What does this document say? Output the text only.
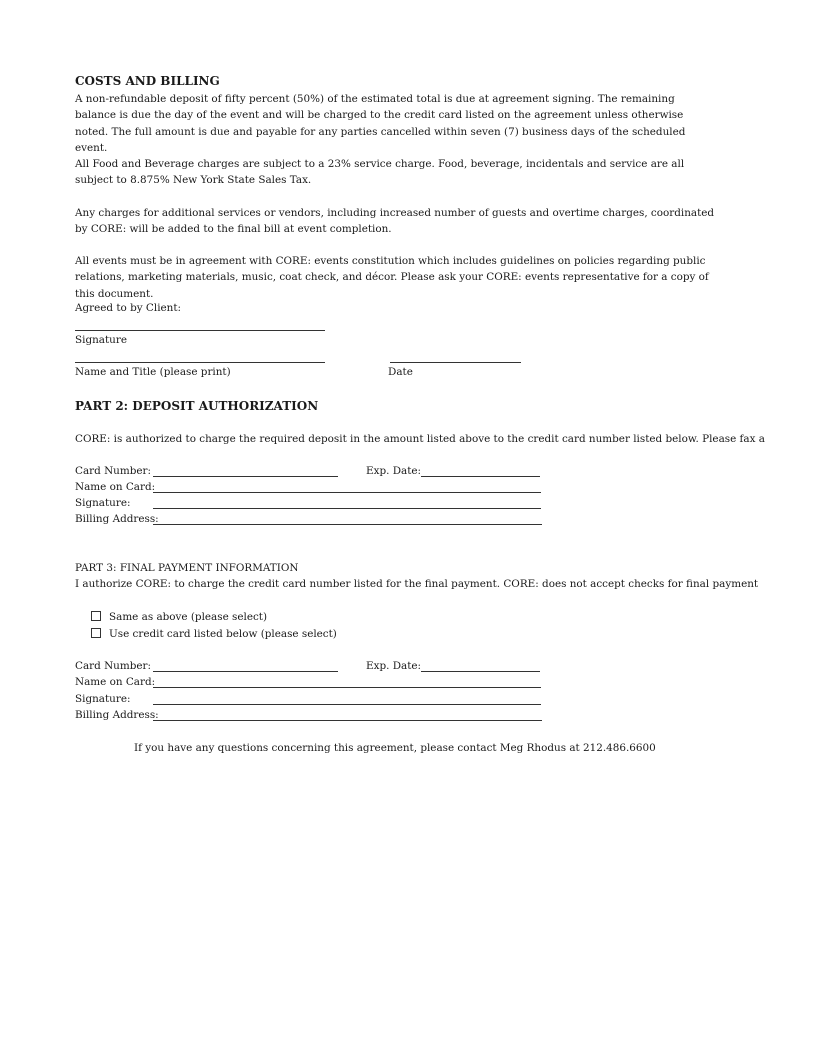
COSTS AND BILLING
A non-refundable deposit of fifty percent (50%) of the estimated total is due at agreement signing. The remaining balance is due the day of the event and will be charged to the credit card listed on the agreement unless otherwise noted. The full amount is due and payable for any parties cancelled within seven (7) business days of the scheduled event.
All Food and Beverage charges are subject to a 23% service charge. Food, beverage, incidentals and service are all subject to 8.875% New York State Sales Tax.
Any charges for additional services or vendors, including increased number of guests and overtime charges, coordinated by CORE: will be added to the final bill at event completion.
All events must be in agreement with CORE: events constitution which includes guidelines on policies regarding public relations, marketing materials, music, coat check, and décor. Please ask your CORE: events representative for a copy of this document.
Agreed to by Client:
Signature
Name and Title (please print)	Date
PART 2: DEPOSIT AUTHORIZATION
CORE: is authorized to charge the required deposit in the amount listed above to the credit card number listed below. Please fax a
Card Number:	Exp. Date:
Name on Card:
Signature:
Billing Address:
PART 3: FINAL PAYMENT INFORMATION
I authorize CORE: to charge the credit card number listed for the final payment. CORE: does not accept checks for final payment
Same as above (please select)
Use credit card listed below (please select)
Card Number:	Exp. Date:
Name on Card:
Signature:
Billing Address:
If you have any questions concerning this agreement, please contact Meg Rhodus at 212.486.6600
